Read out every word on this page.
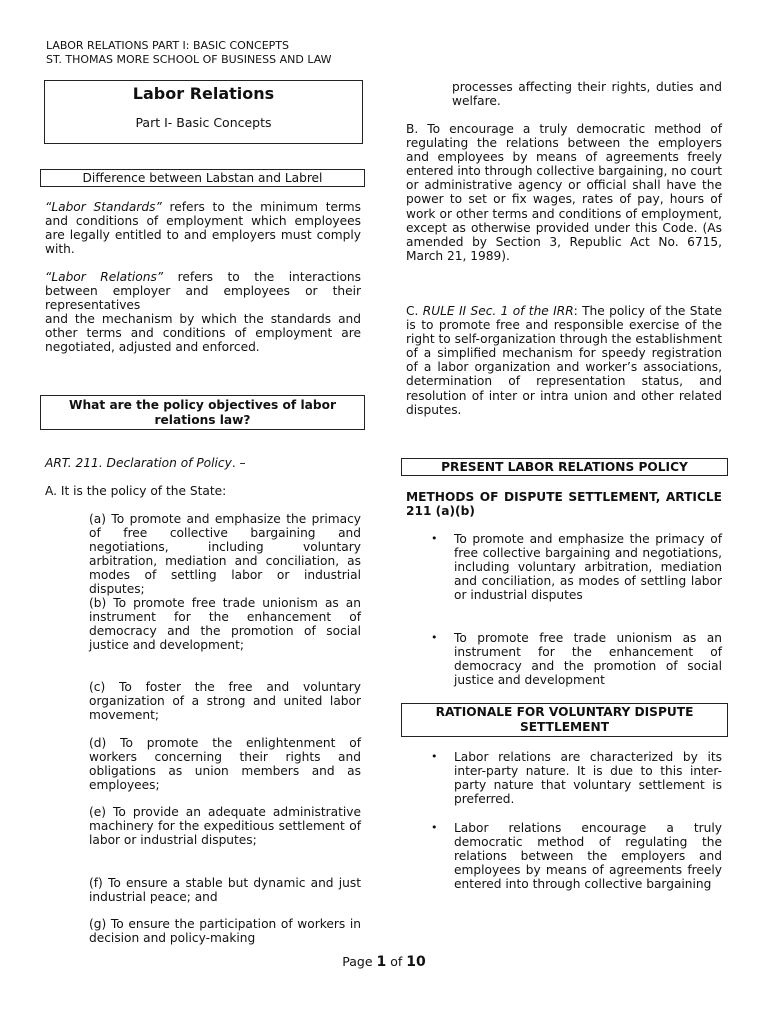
LABOR RELATIONS PART I: BASIC CONCEPTS
ST. THOMAS MORE SCHOOL OF BUSINESS AND LAW
Labor Relations
Part I- Basic Concepts
Difference between Labstan and Labrel

“Labor Standards” refers to the minimum terms and conditions of employment which employees are legally entitled to and employers must comply with.

“Labor Relations” refers to the interactions between employer and employees or their representatives

and the mechanism by which the standards and other terms and conditions of employment are negotiated, adjusted and enforced.

What are the policy objectives of labor relations law?

ART. 211. Declaration of Policy. –

A. It is the policy of the State:

(a) To promote and emphasize the primacy of free collective bargaining and negotiations, including voluntary arbitration, mediation and conciliation, as modes of settling labor or industrial disputes;

(b) To promote free trade unionism as an instrument for the enhancement of democracy and the promotion of social justice and development;

(c) To foster the free and voluntary organization of a strong and united labor movement;

(d) To promote the enlightenment of workers concerning their rights and obligations as union members and as employees;

(e) To provide an adequate administrative machinery for the expeditious settlement of labor or industrial disputes;

(f) To ensure a stable but dynamic and just industrial peace; and

(g) To ensure the participation of workers in decision and policy-making

processes affecting their rights, duties and welfare.

B. To encourage a truly democratic method of regulating the relations between the employers and employees by means of agreements freely entered into through collective bargaining, no court or administrative agency or official shall have the power to set or fix wages, rates of pay, hours of work or other terms and conditions of employment, except as otherwise provided under this Code. (As amended by Section 3, Republic Act No. 6715, March 21, 1989).

C. RULE II Sec. 1 of the IRR: The policy of the State is to promote free and responsible exercise of the right to self-organization through the establishment of a simplified mechanism for speedy registration of a labor organization and worker’s associations, determination of representation status, and resolution of inter or intra union and other related disputes.

PRESENT LABOR RELATIONS POLICY

METHODS OF DISPUTE SETTLEMENT, ARTICLE 211 (a)(b)

• To promote and emphasize the primacy of free collective bargaining and negotiations, including voluntary arbitration, mediation and conciliation, as modes of settling labor or industrial disputes

• To promote free trade unionism as an instrument for the enhancement of democracy and the promotion of social justice and development

RATIONALE FOR VOLUNTARY DISPUTE SETTLEMENT
• Labor relations are characterized by its inter-party nature. It is due to this inter-party nature that voluntary settlement is preferred.

• Labor relations encourage a truly democratic method of regulating the relations between the employers and employees by means of agreements freely entered into through collective bargaining

Page 1 of 10
